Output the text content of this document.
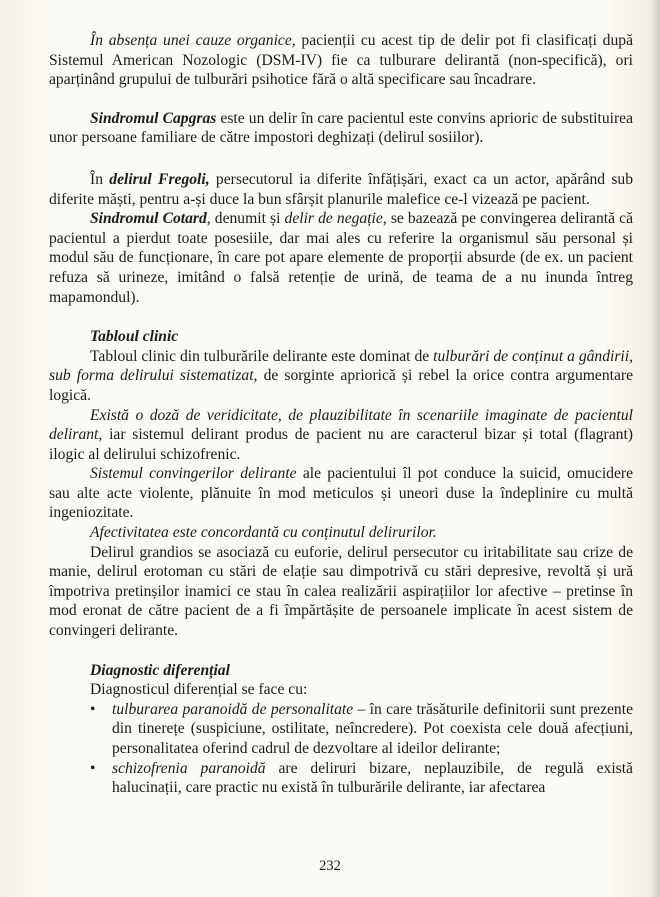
În absența unei cauze organice, pacienții cu acest tip de delir pot fi clasificați după Sistemul American Nozologic (DSM-IV) fie ca tulburare delirantă (non-specifică), ori aparținând grupului de tulburări psihotice fără o altă specificare sau încadrare.

Sindromul Capgras este un delir în care pacientul este convins aprioric de substituirea unor persoane familiare de către impostori deghizați (delirul sosiilor).

În delirul Fregoli, persecutorul ia diferite înfățișări, exact ca un actor, apărând sub diferite măști, pentru a-și duce la bun sfârșit planurile malefice ce-l vizează pe pacient.

Sindromul Cotard, denumit și delir de negație, se bazează pe convingerea delirantă că pacientul a pierdut toate posesiile, dar mai ales cu referire la organismul său personal și modul său de funcționare, în care pot apare elemente de proporții absurde (de ex. un pacient refuza să urineze, imitând o falsă retenție de urină, de teama de a nu inunda întreg mapamondul).

Tabloul clinic

Tabloul clinic din tulburările delirante este dominat de tulburări de conținut a gândirii, sub forma delirului sistematizat, de sorginte apriorică și rebel la orice contra argumentare logică.

Există o doză de veridicitate, de plauzibilitate în scenariile imaginate de pacientul delirant, iar sistemul delirant produs de pacient nu are caracterul bizar și total (flagrant) ilogic al delirului schizofrenic.

Sistemul convingerilor delirante ale pacientului îl pot conduce la suicid, omucidere sau alte acte violente, plănuite în mod meticulos și uneori duse la îndeplinire cu multă ingeniozitate.

Afectivitatea este concordantă cu conținutul delirurilor.

Delirul grandios se asociază cu euforie, delirul persecutor cu iritabilitate sau crize de manie, delirul erotoman cu stări de elație sau dimpotrivă cu stări depresive, revoltă și ură împotriva pretinșilor inamici ce stau în calea realizării aspirațiilor lor afective – pretinse în mod eronat de către pacient de a fi împărtășite de persoanele implicate în acest sistem de convingeri delirante.

Diagnostic diferențial

Diagnosticul diferențial se face cu:

• tulburarea paranoidă de personalitate – în care trăsăturile definitorii sunt prezente din tinerețe (suspiciune, ostilitate, neîncredere). Pot coexista cele două afecțiuni, personalitatea oferind cadrul de dezvoltare al ideilor delirante;
• schizofrenia paranoidă are deliruri bizare, neplauzibile, de regulă există halucinații, care practic nu există în tulburările delirante, iar afectarea
232
